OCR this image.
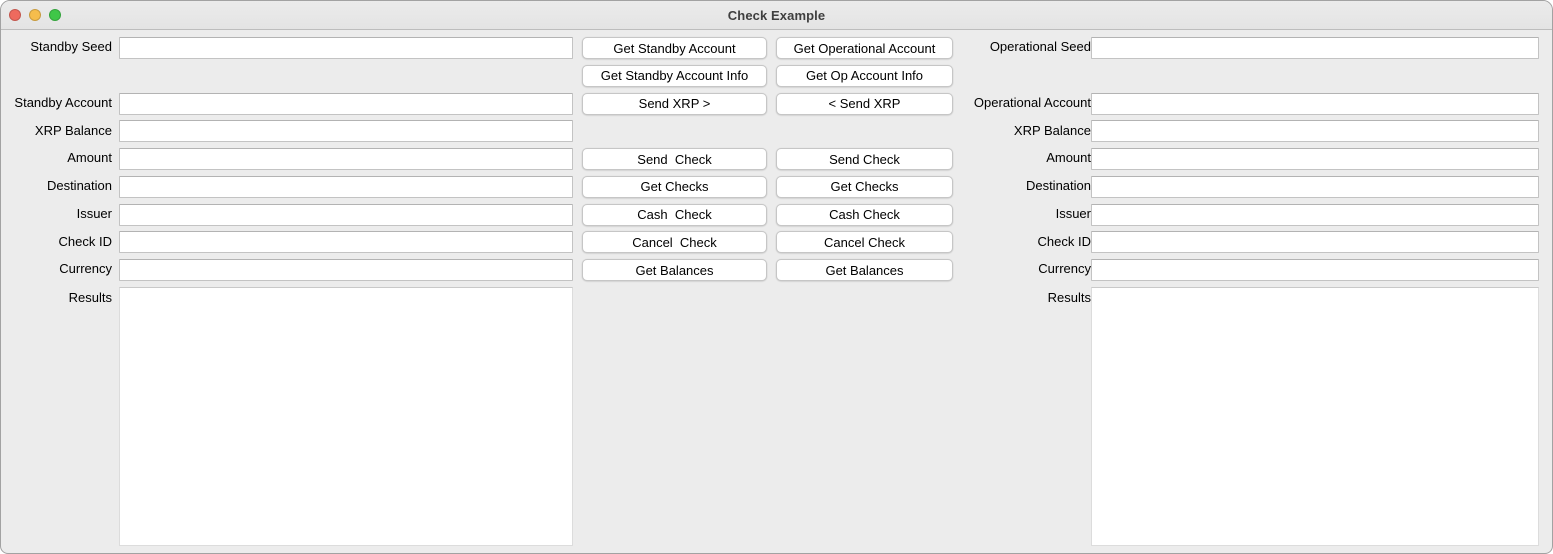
Check Example
Standby Seed	Get Standby Account	Get Operational Account	Operational Seed
Get Standby Account Info	Get Op Account Info
Standby Account	Send XRP >	< Send XRP	Operational Account
XRP Balance	XRP Balance
Amount	Send  Check	Send Check	Amount
Destination	Get Checks	Get Checks	Destination
Issuer	Cash  Check	Cash Check	Issuer
Check ID	Cancel  Check	Cancel Check	Check ID
Currency	Get Balances	Get Balances	Currency
Results	Results
